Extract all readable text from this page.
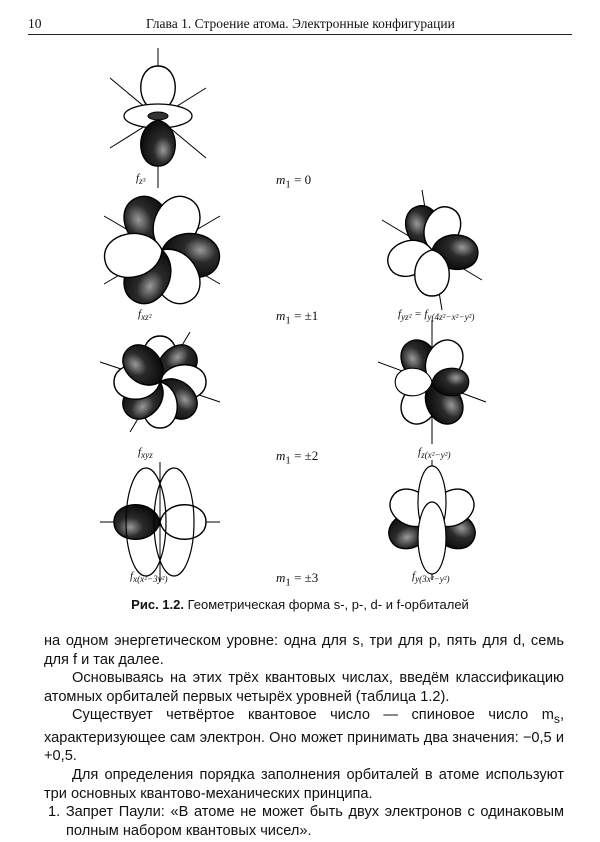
10	Глава 1. Строение атома. Электронные конфигурации
$f_{z^3}$
$f_{xz^2}$	$f_{yz^2} = f_{y(4z^2-x^2-y^2)}$
$f_{xyz}$	$f_{z(x^2-y^2)}$
$f_{x(x^2-3y^2)}$	$f_{y(3x^2-y^2)}$
$m_1 = 0$
$m_1 = \pm 1$
$m_1 = \pm 2$
$m_1 = \pm 3$
Рис. 1.2. Геометрическая форма s-, p-, d- и f-орбиталей

на одном энергетическом уровне: одна для s, три для p, пять для d, семь для f и так далее.

Основываясь на этих трёх квантовых числах, введём классификацию атомных орбиталей первых четырёх уровней (таблица 1.2).

Существует четвёртое квантовое число — спиновое число $m_s$, характеризующее сам электрон. Оно может принимать два значения: −0,5 и +0,5.

Для определения порядка заполнения орбиталей в атоме используют три основных квантово-механических принципа.

1. Запрет Паули: «В атоме не может быть двух электронов с одинаковым полным набором квантовых чисел».
